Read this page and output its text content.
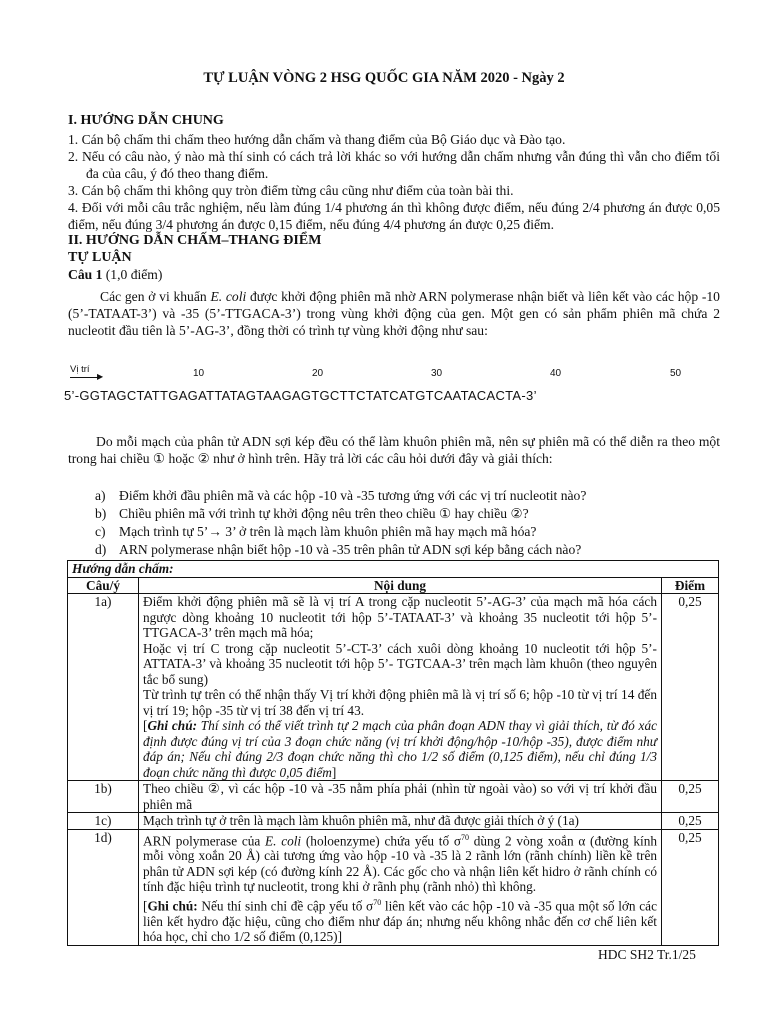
TỰ LUẬN VÒNG 2 HSG QUỐC GIA NĂM 2020 - Ngày 2
I. HƯỚNG DẪN CHUNG
1. Cán bộ chấm thi chấm theo hướng dẫn chấm và thang điểm của Bộ Giáo dục và Đào tạo.
2. Nếu có câu nào, ý nào mà thí sinh có cách trả lời khác so với hướng dẫn chấm nhưng vẫn đúng thì vẫn cho điểm tối đa của câu, ý đó theo thang điểm.
3. Cán bộ chấm thi không quy tròn điểm từng câu cũng như điểm của toàn bài thi.
4. Đối với mỗi câu trắc nghiệm, nếu làm đúng 1/4 phương án thì không được điểm, nếu đúng 2/4 phương án được 0,05 điểm, nếu đúng 3/4 phương án được 0,15 điểm, nếu đúng 4/4 phương án được 0,25 điểm.
II. HƯỚNG DẪN CHẤM–THANG ĐIỂM
TỰ LUẬN
Câu 1 (1,0 điểm)
Các gen ở vi khuẩn E. coli được khởi động phiên mã nhờ ARN polymerase nhận biết và liên kết vào các hộp -10 (5’-TATAAT-3’) và -35 (5’-TTGACA-3’) trong vùng khởi động của gen. Một gen có sản phẩm phiên mã chứa 2 nucleotit đầu tiên là 5’-AG-3’, đồng thời có trình tự vùng khởi động như sau:
Vị trí	10	20	30	40	50
▶
5’-GGTAGCTATTGAGATTATAGTAAGAGTGCTTCTATCATGTCAATACACTA-3’
Do mỗi mạch của phân tử ADN sợi kép đều có thể làm khuôn phiên mã, nên sự phiên mã có thể diễn ra theo một trong hai chiều ① hoặc ② như ở hình trên. Hãy trả lời các câu hỏi dưới đây và giải thích:
a) Điểm khởi đầu phiên mã và các hộp -10 và -35 tương ứng với các vị trí nucleotit nào?
b) Chiều phiên mã với trình tự khởi động nêu trên theo chiều ① hay chiều ②?
c) Mạch trình tự 5’→ 3’ ở trên là mạch làm khuôn phiên mã hay mạch mã hóa?
d) ARN polymerase nhận biết hộp -10 và -35 trên phân tử ADN sợi kép bằng cách nào?
Hướng dẫn chấm:		
Câu/ý	Nội dung	Điểm
1a)	Điểm khởi động phiên mã sẽ là vị trí A trong cặp nucleotit 5’-AG-3’ của mạch mã hóa cách ngược dòng khoảng 10 nucleotit tới hộp 5’-TATAAT-3’ và khoảng 35 nucleotit tới hộp 5’-TTGACA-3’ trên mạch mã hóa;
Hoặc vị trí C trong cặp nucleotit 5’-CT-3’ cách xuôi dòng khoảng 10 nucleotit tới hộp 5’-ATTATA-3’ và khoảng 35 nucleotit tới hộp 5’- TGTCAA-3’ trên mạch làm khuôn (theo nguyên tắc bổ sung)
Từ trình tự trên có thể nhận thấy Vị trí khởi động phiên mã là vị trí số 6; hộp -10 từ vị trí 14 đến vị trí 19; hộp -35 từ vị trí 38 đến vị trí 43.
[Ghi chú: Thí sinh có thể viết trình tự 2 mạch của phân đoạn ADN thay vì giải thích, từ đó xác định được đúng vị trí của 3 đoạn chức năng (vị trí khởi động/hộp -10/hộp -35), được điểm như đáp án; Nếu chỉ đúng 2/3 đoạn chức năng thì cho 1/2 số điểm (0,125 điểm), nếu chỉ đúng 1/3 đoạn chức năng thì được 0,05 điểm]	0,25
1b)	Theo chiều ②, vì các hộp -10 và -35 nằm phía phải (nhìn từ ngoài vào) so với vị trí khởi đầu phiên mã	0,25
1c)	Mạch trình tự ở trên là mạch làm khuôn phiên mã, như đã được giải thích ở ý (1a)	0,25
1d)	ARN polymerase của E. coli (holoenzyme) chứa yếu tố $\sigma^{70}$ dùng 2 vòng xoắn α (đường kính mỗi vòng xoắn 20 Å) cài tương ứng vào hộp -10 và -35 là 2 rãnh lớn (rãnh chính) liền kề trên phân tử ADN sợi kép (có đường kính 22 Å). Các gốc cho và nhận liên kết hidro ở rãnh chính có tính đặc hiệu trình tự nucleotit, trong khi ở rãnh phụ (rãnh nhỏ) thì không.
[Ghi chú: Nếu thí sinh chỉ đề cập yếu tố $\sigma^{70}$ liên kết vào các hộp -10 và -35 qua một số lớn các liên kết hydro đặc hiệu, cũng cho điểm như đáp án; nhưng nếu không nhắc đến cơ chế liên kết hóa học, chỉ cho 1/2 số điểm (0,125)]	0,25
HDC SH2 Tr.1/25
